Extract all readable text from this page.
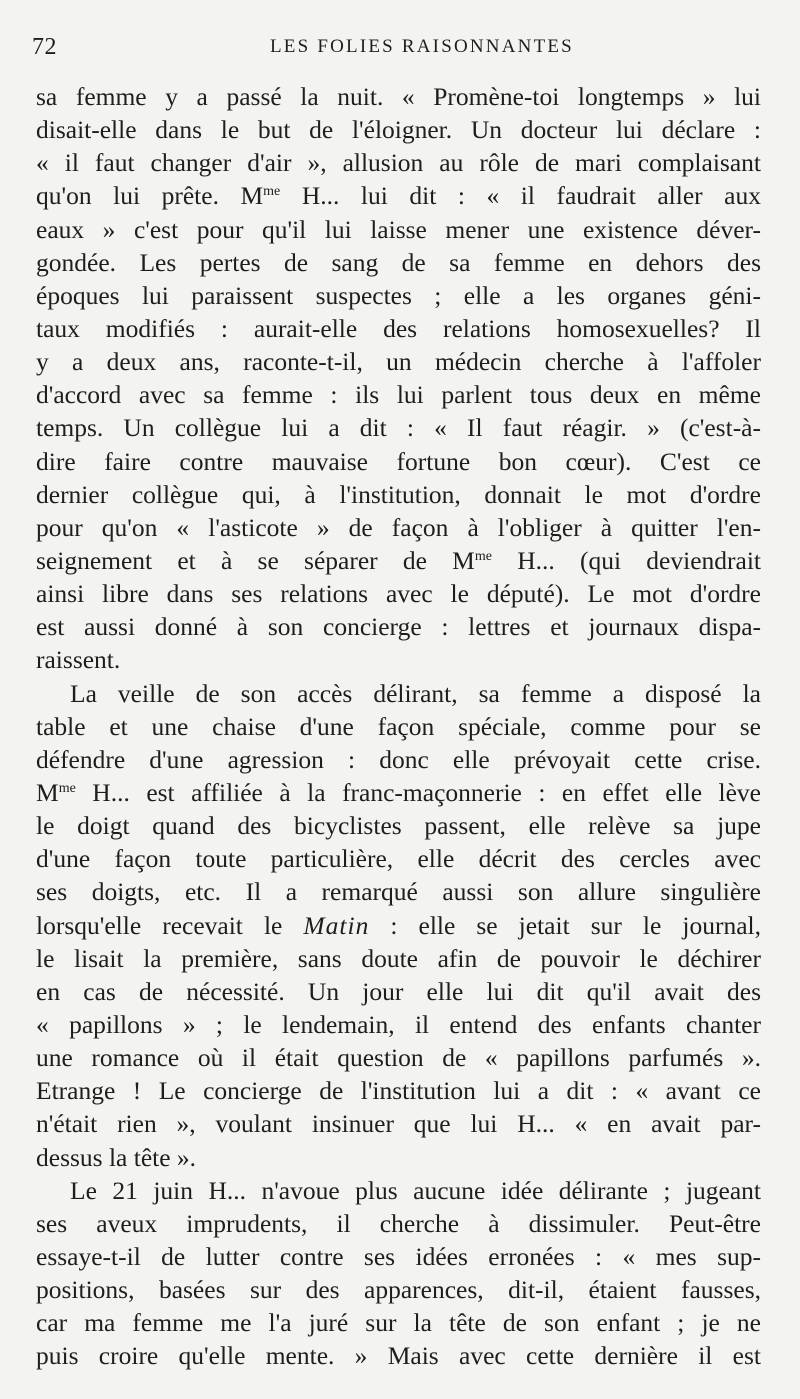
72	LES FOLIES RAISONNANTES
sa femme y a passé la nuit. « Promène-toi longtemps » lui
disait-elle dans le but de l'éloigner. Un docteur lui déclare :
« il faut changer d'air », allusion au rôle de mari complaisant
qu'on lui prête. $M^{me}$ H... lui dit : « il faudrait aller aux
eaux » c'est pour qu'il lui laisse mener une existence déver-
gondée. Les pertes de sang de sa femme en dehors des
époques lui paraissent suspectes ; elle a les organes géni-
taux modifiés : aurait-elle des relations homosexuelles? Il
y a deux ans, raconte-t-il, un médecin cherche à l'affoler
d'accord avec sa femme : ils lui parlent tous deux en même
temps. Un collègue lui a dit : « Il faut réagir. » (c'est-à-
dire faire contre mauvaise fortune bon cœur). C'est ce
dernier collègue qui, à l'institution, donnait le mot d'ordre
pour qu'on « l'asticote » de façon à l'obliger à quitter l'en-
seignement et à se séparer de $M^{me}$ H... (qui deviendrait
ainsi libre dans ses relations avec le député). Le mot d'ordre
est aussi donné à son concierge : lettres et journaux dispa-
raissent.
La veille de son accès délirant, sa femme a disposé la
table et une chaise d'une façon spéciale, comme pour se
défendre d'une agression : donc elle prévoyait cette crise.
$M^{me}$ H... est affiliée à la franc-maçonnerie : en effet elle lève
le doigt quand des bicyclistes passent, elle relève sa jupe
d'une façon toute particulière, elle décrit des cercles avec
ses doigts, etc. Il a remarqué aussi son allure singulière
lorsqu'elle recevait le Matin : elle se jetait sur le journal,
le lisait la première, sans doute afin de pouvoir le déchirer
en cas de nécessité. Un jour elle lui dit qu'il avait des
« papillons » ; le lendemain, il entend des enfants chanter
une romance où il était question de « papillons parfumés ».
Etrange ! Le concierge de l'institution lui a dit : « avant ce
n'était rien », voulant insinuer que lui H... « en avait par-
dessus la tête ».
Le 21 juin H... n'avoue plus aucune idée délirante ; jugeant
ses aveux imprudents, il cherche à dissimuler. Peut-être
essaye-t-il de lutter contre ses idées erronées : « mes sup-
positions, basées sur des apparences, dit-il, étaient fausses,
car ma femme me l'a juré sur la tête de son enfant ; je ne
puis croire qu'elle mente. » Mais avec cette dernière il est
